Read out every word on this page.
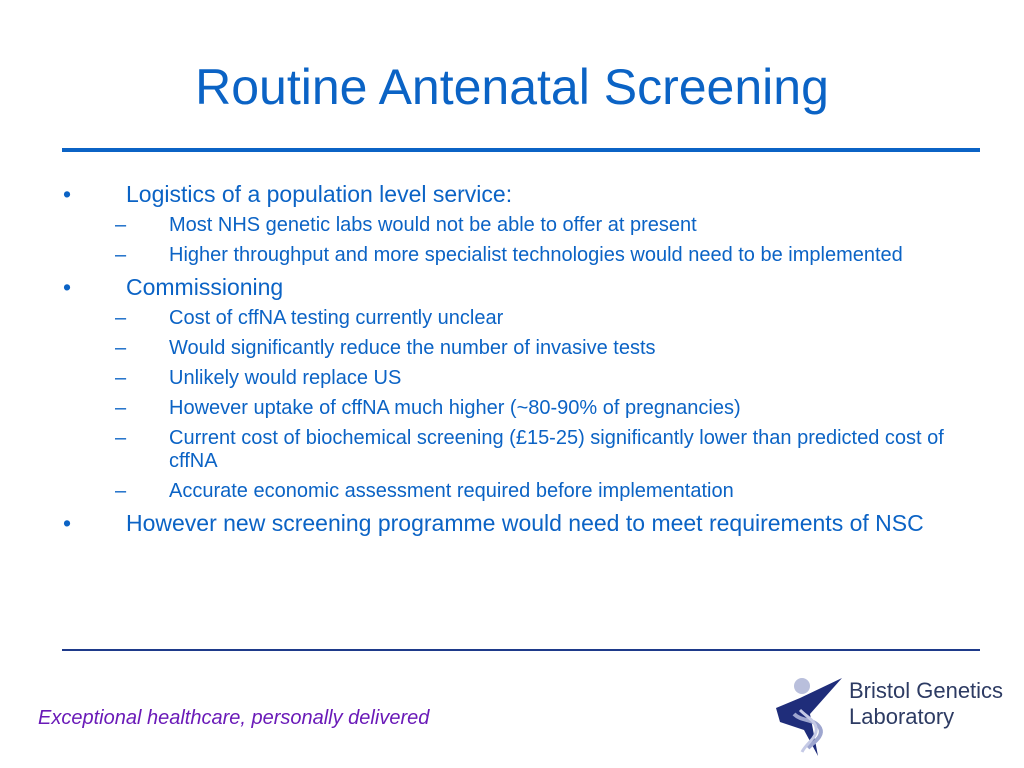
Routine Antenatal Screening
• Logistics of a population level service:
– Most NHS genetic labs would not be able to offer at present
– Higher throughput and more specialist technologies would need to be implemented
• Commissioning
– Cost of cffNA testing currently unclear
– Would significantly reduce the number of invasive tests
– Unlikely would replace US
– However uptake of cffNA much higher (~80-90% of pregnancies)
– Current cost of biochemical screening (£15-25) significantly lower than predicted cost of cffNA
– Accurate economic assessment required before implementation
• However new screening programme would need to meet requirements of NSC
Exceptional healthcare, personally delivered
Bristol Genetics
Laboratory
